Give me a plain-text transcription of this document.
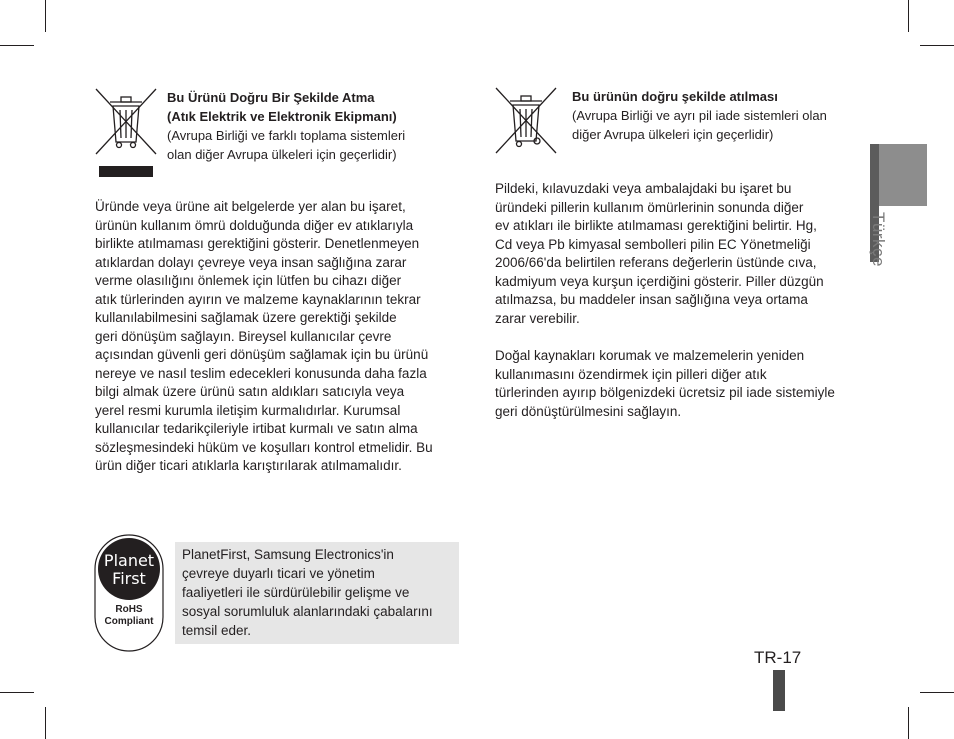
Bu Ürünü Doğru Bir Şekilde Atma
(Atık Elektrik ve Elektronik Ekipmanı)
(Avrupa Birliği ve farklı toplama sistemleri
olan diğer Avrupa ülkeleri için geçerlidir)

Üründe veya ürüne ait belgelerde yer alan bu işaret,
ürünün kullanım ömrü dolduğunda diğer ev atıklarıyla
birlikte atılmaması gerektiğini gösterir. Denetlenmeyen
atıklardan dolayı çevreye veya insan sağlığına zarar
verme olasılığını önlemek için lütfen bu cihazı diğer
atık türlerinden ayırın ve malzeme kaynaklarının tekrar
kullanılabilmesini sağlamak üzere gerektiği şekilde
geri dönüşüm sağlayın. Bireysel kullanıcılar çevre
açısından güvenli geri dönüşüm sağlamak için bu ürünü
nereye ve nasıl teslim edecekleri konusunda daha fazla
bilgi almak üzere ürünü satın aldıkları satıcıyla veya
yerel resmi kurumla iletişim kurmalıdırlar. Kurumsal
kullanıcılar tedarikçileriyle irtibat kurmalı ve satın alma
sözleşmesindeki hüküm ve koşulları kontrol etmelidir. Bu
ürün diğer ticari atıklarla karıştırılarak atılmamalıdır.

Planet
First
RoHS
Compliant

PlanetFirst, Samsung Electronics'in
çevreye duyarlı ticari ve yönetim
faaliyetleri ile sürdürülebilir gelişme ve
sosyal sorumluluk alanlarındaki çabalarını
temsil eder.

Bu ürünün doğru şekilde atılması
(Avrupa Birliği ve ayrı pil iade sistemleri olan
diğer Avrupa ülkeleri için geçerlidir)

Pildeki, kılavuzdaki veya ambalajdaki bu işaret bu
üründeki pillerin kullanım ömürlerinin sonunda diğer
ev atıkları ile birlikte atılmaması gerektiğini belirtir. Hg,
Cd veya Pb kimyasal sembolleri pilin EC Yönetmeliği
2006/66'da belirtilen referans değerlerin üstünde cıva,
kadmiyum veya kurşun içerdiğini gösterir. Piller düzgün
atılmazsa, bu maddeler insan sağlığına veya ortama
zarar verebilir.

Doğal kaynakları korumak ve malzemelerin yeniden
kullanımasını özendirmek için pilleri diğer atık
türlerinden ayırıp bölgenizdeki ücretsiz pil iade sistemiyle
geri dönüştürülmesini sağlayın.

Türkçe
TR-17
